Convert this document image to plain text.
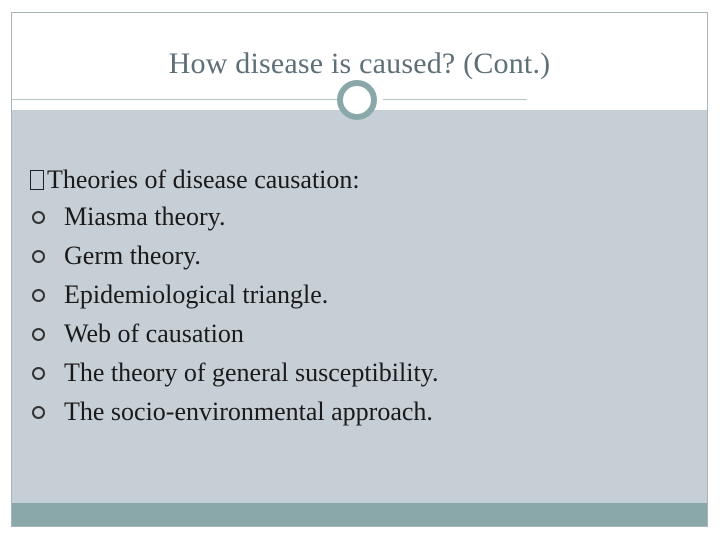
How disease is caused? (Cont.)
Theories of disease causation:
Miasma theory.
Germ theory.
Epidemiological triangle.
Web of causation
The theory of general susceptibility.
The socio-environmental approach.
